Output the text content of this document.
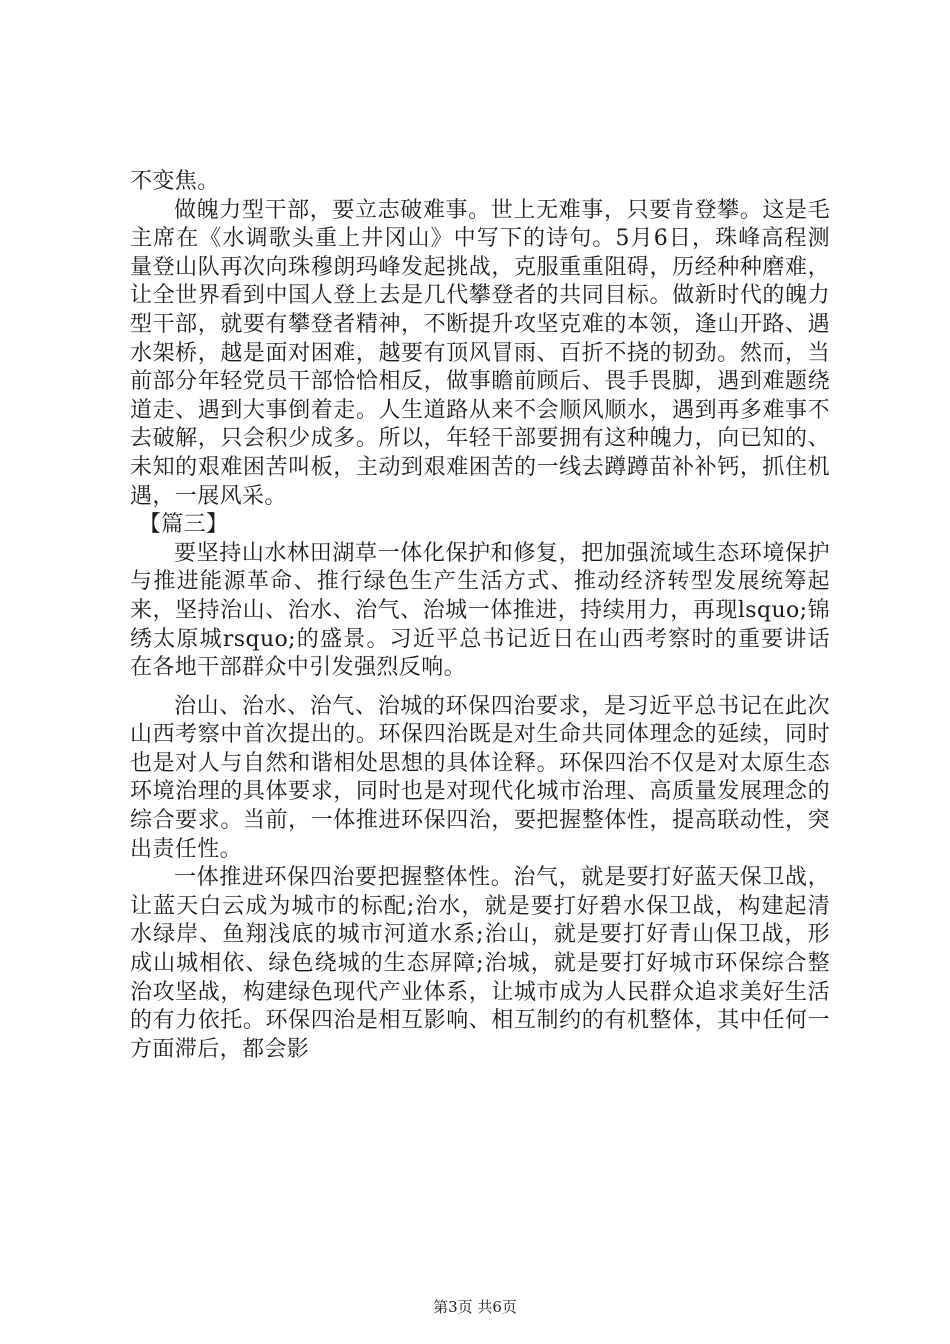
不变焦。

做魄力型干部，要立志破难事。世上无难事，只要肯登攀。这是毛主席在《水调歌头重上井冈山》中写下的诗句。5月6日，珠峰高程测量登山队再次向珠穆朗玛峰发起挑战，克服重重阻碍，历经种种磨难，让全世界看到中国人登上去是几代攀登者的共同目标。做新时代的魄力型干部，就要有攀登者精神，不断提升攻坚克难的本领，逢山开路、遇水架桥，越是面对困难，越要有顶风冒雨、百折不挠的韧劲。然而，当前部分年轻党员干部恰恰相反，做事瞻前顾后、畏手畏脚，遇到难题绕道走、遇到大事倒着走。人生道路从来不会顺风顺水，遇到再多难事不去破解，只会积少成多。所以，年轻干部要拥有这种魄力，向已知的、未知的艰难困苦叫板，主动到艰难困苦的一线去蹲蹲苗补补钙，抓住机遇，一展风采。

【篇三】

要坚持山水林田湖草一体化保护和修复，把加强流域生态环境保护与推进能源革命、推行绿色生产生活方式、推动经济转型发展统筹起来，坚持治山、治水、治气、治城一体推进，持续用力，再现lsquo;锦绣太原城rsquo;的盛景。习近平总书记近日在山西考察时的重要讲话在各地干部群众中引发强烈反响。

治山、治水、治气、治城的环保四治要求，是习近平总书记在此次山西考察中首次提出的。环保四治既是对生命共同体理念的延续，同时也是对人与自然和谐相处思想的具体诠释。环保四治不仅是对太原生态环境治理的具体要求，同时也是对现代化城市治理、高质量发展理念的综合要求。当前，一体推进环保四治，要把握整体性，提高联动性，突出责任性。

一体推进环保四治要把握整体性。治气，就是要打好蓝天保卫战，让蓝天白云成为城市的标配;治水，就是要打好碧水保卫战，构建起清水绿岸、鱼翔浅底的城市河道水系;治山，就是要打好青山保卫战，形成山城相依、绿色绕城的生态屏障;治城，就是要打好城市环保综合整治攻坚战，构建绿色现代产业体系，让城市成为人民群众追求美好生活的有力依托。环保四治是相互影响、相互制约的有机整体，其中任何一方面滞后，都会影

第3页 共6页
